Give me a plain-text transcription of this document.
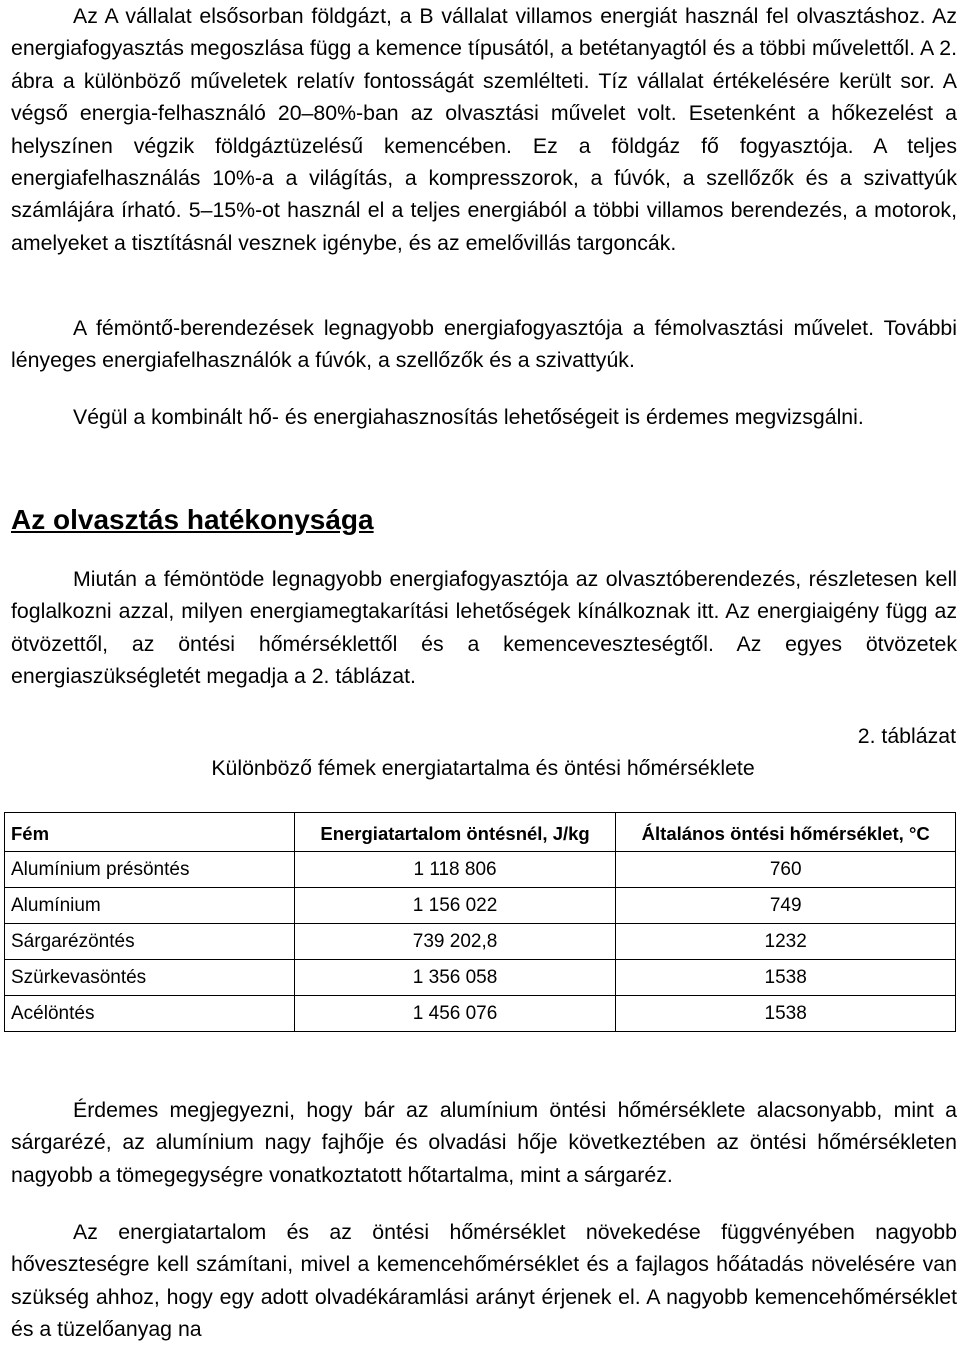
Az A vállalat elsősorban földgázt, a B vállalat villamos energiát használ fel olvasztáshoz. Az energiafogyasztás megoszlása függ a kemence típusától, a betétanyagtól és a többi művelettől. A 2. ábra a különböző műveletek relatív fontosságát szemlélteti. Tíz vállalat értékelésére került sor. A végső energia-felhasználó 20–80%-ban az olvasztási művelet volt. Esetenként a hőkezelést a helyszínen végzik földgáztüzelésű kemencében. Ez a földgáz fő fogyasztója. A teljes energiafelhasználás 10%-a a világítás, a kompresszorok, a fúvók, a szellőzők és a szivattyúk számlájára írható. 5–15%-ot használ el a teljes energiából a többi villamos berendezés, a motorok, amelyeket a tisztításnál vesznek igénybe, és az emelővillás targoncák.

A fémöntő-berendezések legnagyobb energiafogyasztója a fémolvasztási művelet. További lényeges energiafelhasználók a fúvók, a szellőzők és a szivattyúk.

Végül a kombinált hő- és energiahasznosítás lehetőségeit is érdemes megvizsgálni.

Az olvasztás hatékonysága

Miután a fémöntöde legnagyobb energiafogyasztója az olvasztóberendezés, részletesen kell foglalkozni azzal, milyen energiamegtakarítási lehetőségek kínálkoznak itt. Az energiaigény függ az ötvözettől, az öntési hőmérséklettől és a kemenceveszteségtől. Az egyes ötvözetek energiaszükségletét megadja a 2. táblázat.

2. táblázat
Különböző fémek energiatartalma és öntési hőmérséklete
Fém	Energiatartalom öntésnél, J/kg	Általános öntési hőmérséklet, °C
Alumínium présöntés	1 118 806	760
Alumínium	1 156 022	749
Sárgarézöntés	739 202,8	1232
Szürkevasöntés	1 356 058	1538
Acélöntés	1 456 076	1538

Érdemes megjegyezni, hogy bár az alumínium öntési hőmérséklete alacsonyabb, mint a sárgarézé, az alumínium nagy fajhője és olvadási hője következtében az öntési hőmérsékleten nagyobb a tömegegységre vonatkoztatott hőtartalma, mint a sárgaréz.

Az energiatartalom és az öntési hőmérséklet növekedése függvényében nagyobb hőveszteségre kell számítani, mivel a kemencehőmérséklet és a fajlagos hőátadás növelésére van szükség ahhoz, hogy egy adott olvadékáramlási arányt érjenek el. A nagyobb kemencehőmérséklet és a tüzelőanyag na
